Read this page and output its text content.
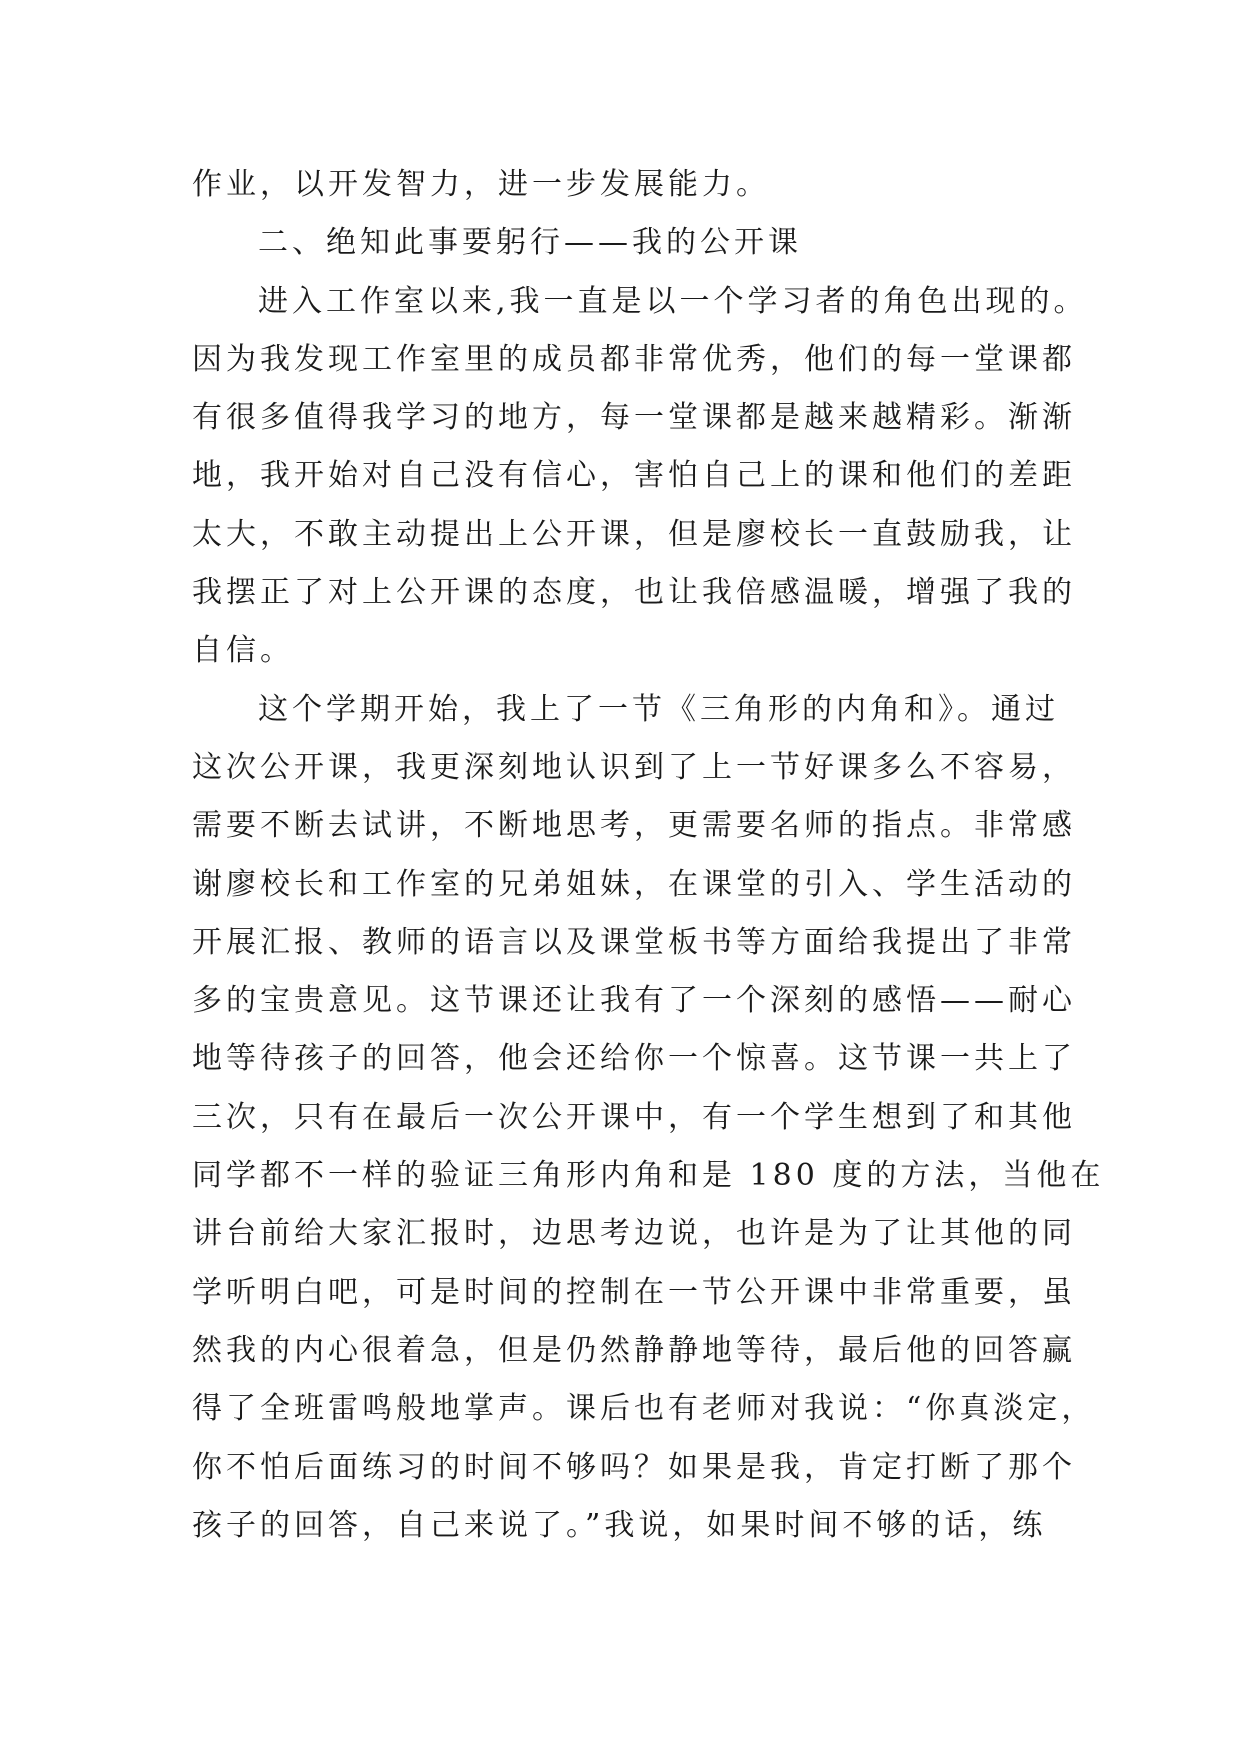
作业，以开发智力，进一步发展能力。
二、绝知此事要躬行——我的公开课
进入工作室以来,我一直是以一个学习者的角色出现的。
因为我发现工作室里的成员都非常优秀，他们的每一堂课都
有很多值得我学习的地方，每一堂课都是越来越精彩。渐渐
地，我开始对自己没有信心，害怕自己上的课和他们的差距
太大，不敢主动提出上公开课，但是廖校长一直鼓励我，让
我摆正了对上公开课的态度，也让我倍感温暖，增强了我的
自信。
这个学期开始，我上了一节《三角形的内角和》。通过
这次公开课，我更深刻地认识到了上一节好课多么不容易，
需要不断去试讲，不断地思考，更需要名师的指点。非常感
谢廖校长和工作室的兄弟姐妹，在课堂的引入、学生活动的
开展汇报、教师的语言以及课堂板书等方面给我提出了非常
多的宝贵意见。这节课还让我有了一个深刻的感悟——耐心
地等待孩子的回答，他会还给你一个惊喜。这节课一共上了
三次，只有在最后一次公开课中，有一个学生想到了和其他
同学都不一样的验证三角形内角和是 180 度的方法，当他在
讲台前给大家汇报时，边思考边说，也许是为了让其他的同
学听明白吧，可是时间的控制在一节公开课中非常重要，虽
然我的内心很着急，但是仍然静静地等待，最后他的回答赢
得了全班雷鸣般地掌声。课后也有老师对我说：“你真淡定，
你不怕后面练习的时间不够吗？如果是我，肯定打断了那个
孩子的回答，自己来说了。”我说，如果时间不够的话，练
